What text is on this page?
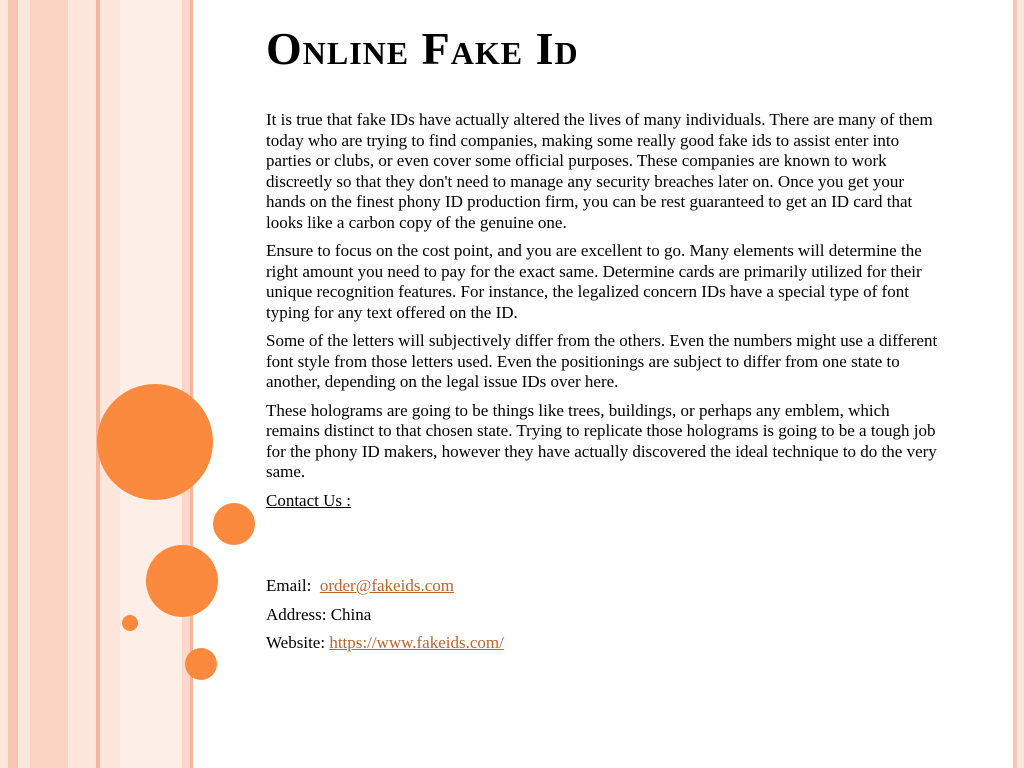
Online Fake Id

It is true that fake IDs have actually altered the lives of many individuals. There are many of them today who are trying to find companies, making some really good fake ids to assist enter into parties or clubs, or even cover some official purposes. These companies are known to work discreetly so that they don't need to manage any security breaches later on. Once you get your hands on the finest phony ID production firm, you can be rest guaranteed to get an ID card that looks like a carbon copy of the genuine one.

Ensure to focus on the cost point, and you are excellent to go. Many elements will determine the right amount you need to pay for the exact same. Determine cards are primarily utilized for their unique recognition features. For instance, the legalized concern IDs have a special type of font typing for any text offered on the ID.

Some of the letters will subjectively differ from the others. Even the numbers might use a different font style from those letters used. Even the positionings are subject to differ from one state to another, depending on the legal issue IDs over here.

These holograms are going to be things like trees, buildings, or perhaps any emblem, which remains distinct to that chosen state. Trying to replicate those holograms is going to be a tough job for the phony ID makers, however they have actually discovered the ideal technique to do the very same.

Contact Us :

Email: order@fakeids.com

Address: China

Website: https://www.fakeids.com/
